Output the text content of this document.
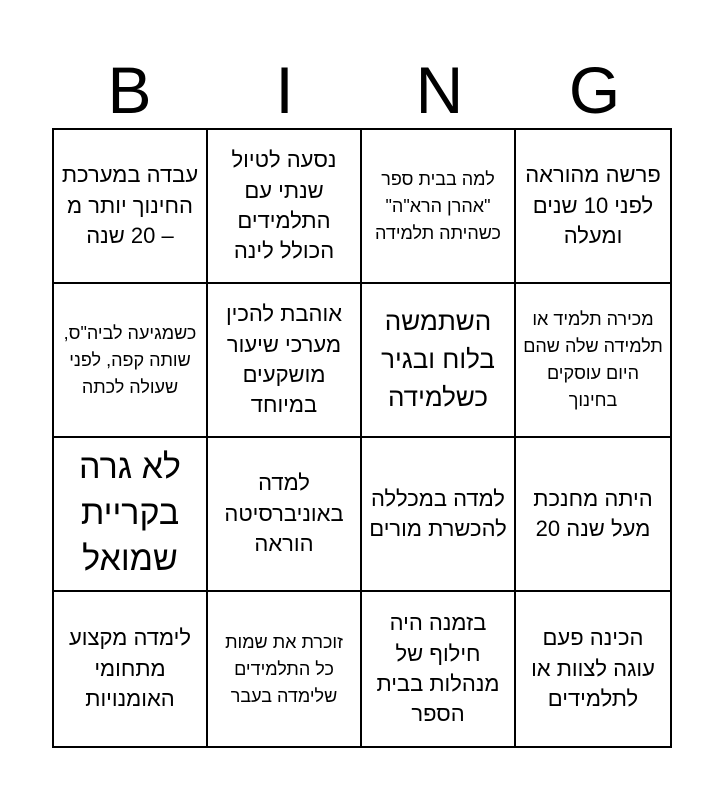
B	I	N	G
עבדה במערכת החינוך יותר מ – 20 שנה
נסעה לטיול שנתי עם התלמידים הכולל לינה
למה בבית ספר "אהרן הרא"ה" כשהיתה תלמידה
פרשה מהוראה לפני 10 שנים ומעלה
כשמגיעה לביה"ס, שותה קפה, לפני שעולה לכתה
אוהבת להכין מערכי שיעור מושקעים במיוחד
השתמשה בלוח ובגיר כשלמידה
מכירה תלמיד או תלמידה שלה שהם היום עוסקים בחינוך
לא גרה בקריית שמואל
למדה באוניברסיטה הוראה
למדה במכללה להכשרת מורים
היתה מחנכת מעל שנה 20
לימדה מקצוע מתחומי האומנויות
זוכרת את שמות כל התלמידים שלימדה בעבר
בזמנה היה חילוף של מנהלות בבית הספר
הכינה פעם עוגה לצוות או לתלמידים
